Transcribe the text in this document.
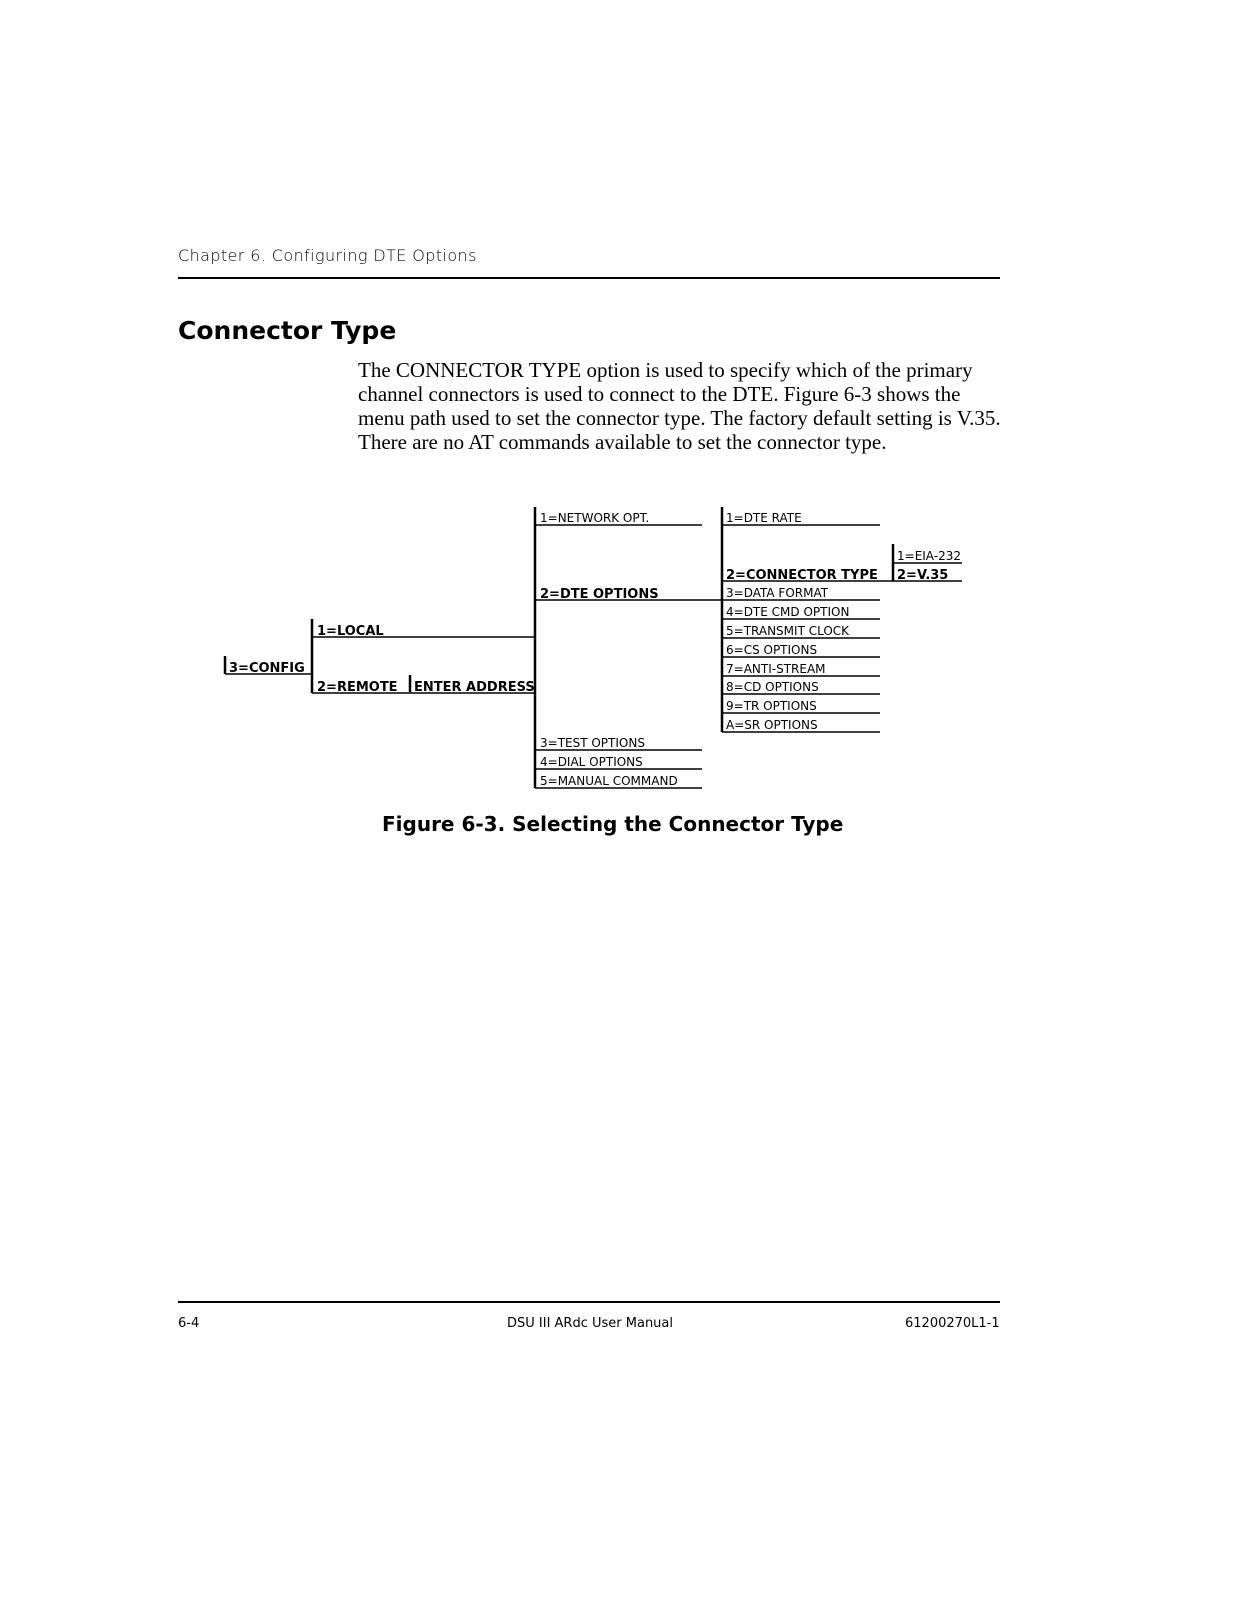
Chapter 6. Configuring DTE Options
Connector Type
The CONNECTOR TYPE option is used to specify which of the primary channel connectors is used to connect to the DTE. Figure 6-3 shows the menu path used to set the connector type. The factory default setting is V.35. There are no AT commands available to set the connector type.
3=CONFIG
1=LOCAL
2=REMOTE ENTER ADDRESS
1=NETWORK OPT.
2=DTE OPTIONS
3=TEST OPTIONS
4=DIAL OPTIONS
5=MANUAL COMMAND
1=DTE RATE
2=CONNECTOR TYPE
3=DATA FORMAT
4=DTE CMD OPTION
5=TRANSMIT CLOCK
6=CS OPTIONS
7=ANTI-STREAM
8=CD OPTIONS
9=TR OPTIONS
A=SR OPTIONS
1=EIA-232
2=V.35
Figure 6-3. Selecting the Connector Type
6-4	DSU III ARdc User Manual	61200270L1-1
